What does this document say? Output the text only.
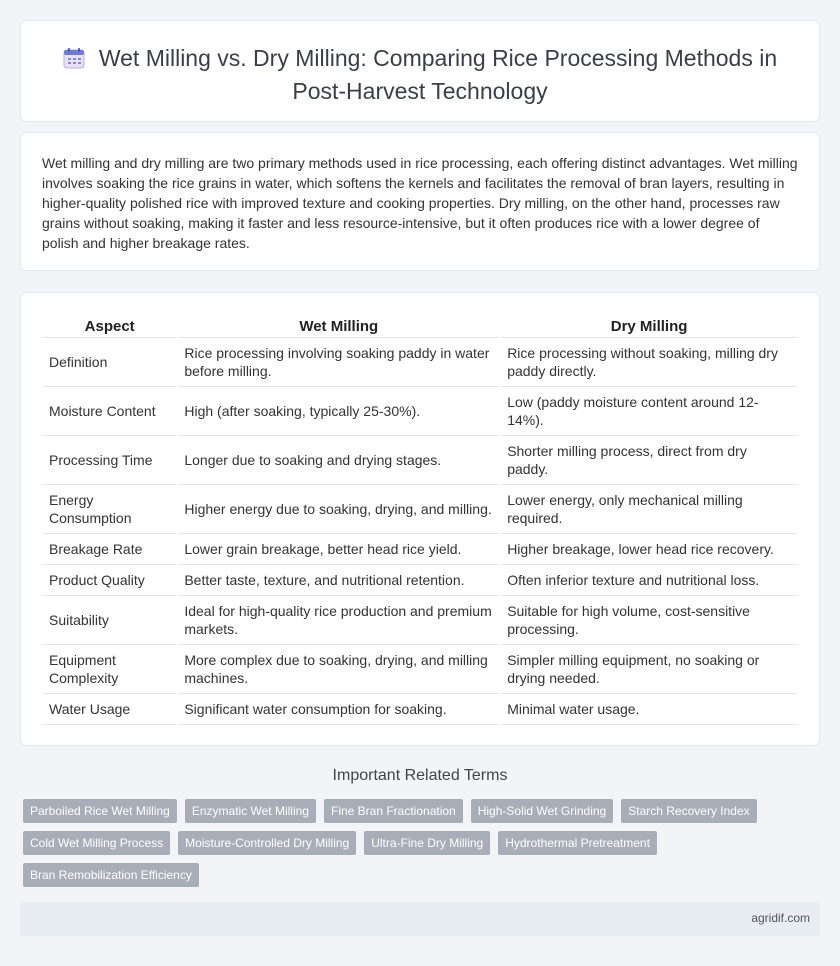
Wet Milling vs. Dry Milling: Comparing Rice Processing Methods in Post-Harvest Technology

Wet milling and dry milling are two primary methods used in rice processing, each offering distinct advantages. Wet milling involves soaking the rice grains in water, which softens the kernels and facilitates the removal of bran layers, resulting in higher-quality polished rice with improved texture and cooking properties. Dry milling, on the other hand, processes raw grains without soaking, making it faster and less resource-intensive, but it often produces rice with a lower degree of polish and higher breakage rates.

Aspect	Wet Milling	Dry Milling
Definition	Rice processing involving soaking paddy in water before milling.	Rice processing without soaking, milling dry paddy directly.
Moisture Content	High (after soaking, typically 25-30%).	Low (paddy moisture content around 12-14%).
Processing Time	Longer due to soaking and drying stages.	Shorter milling process, direct from dry paddy.
Energy Consumption	Higher energy due to soaking, drying, and milling.	Lower energy, only mechanical milling required.
Breakage Rate	Lower grain breakage, better head rice yield.	Higher breakage, lower head rice recovery.
Product Quality	Better taste, texture, and nutritional retention.	Often inferior texture and nutritional loss.
Suitability	Ideal for high-quality rice production and premium markets.	Suitable for high volume, cost-sensitive processing.
Equipment Complexity	More complex due to soaking, drying, and milling machines.	Simpler milling equipment, no soaking or drying needed.
Water Usage	Significant water consumption for soaking.	Minimal water usage.
Important Related Terms
Parboiled Rice Wet Milling	Enzymatic Wet Milling	Fine Bran Fractionation	High-Solid Wet Grinding	Starch Recovery Index
Cold Wet Milling Process	Moisture-Controlled Dry Milling	Ultra-Fine Dry Milling	Hydrothermal Pretreatment
Bran Remobilization Efficiency
agridif.com
